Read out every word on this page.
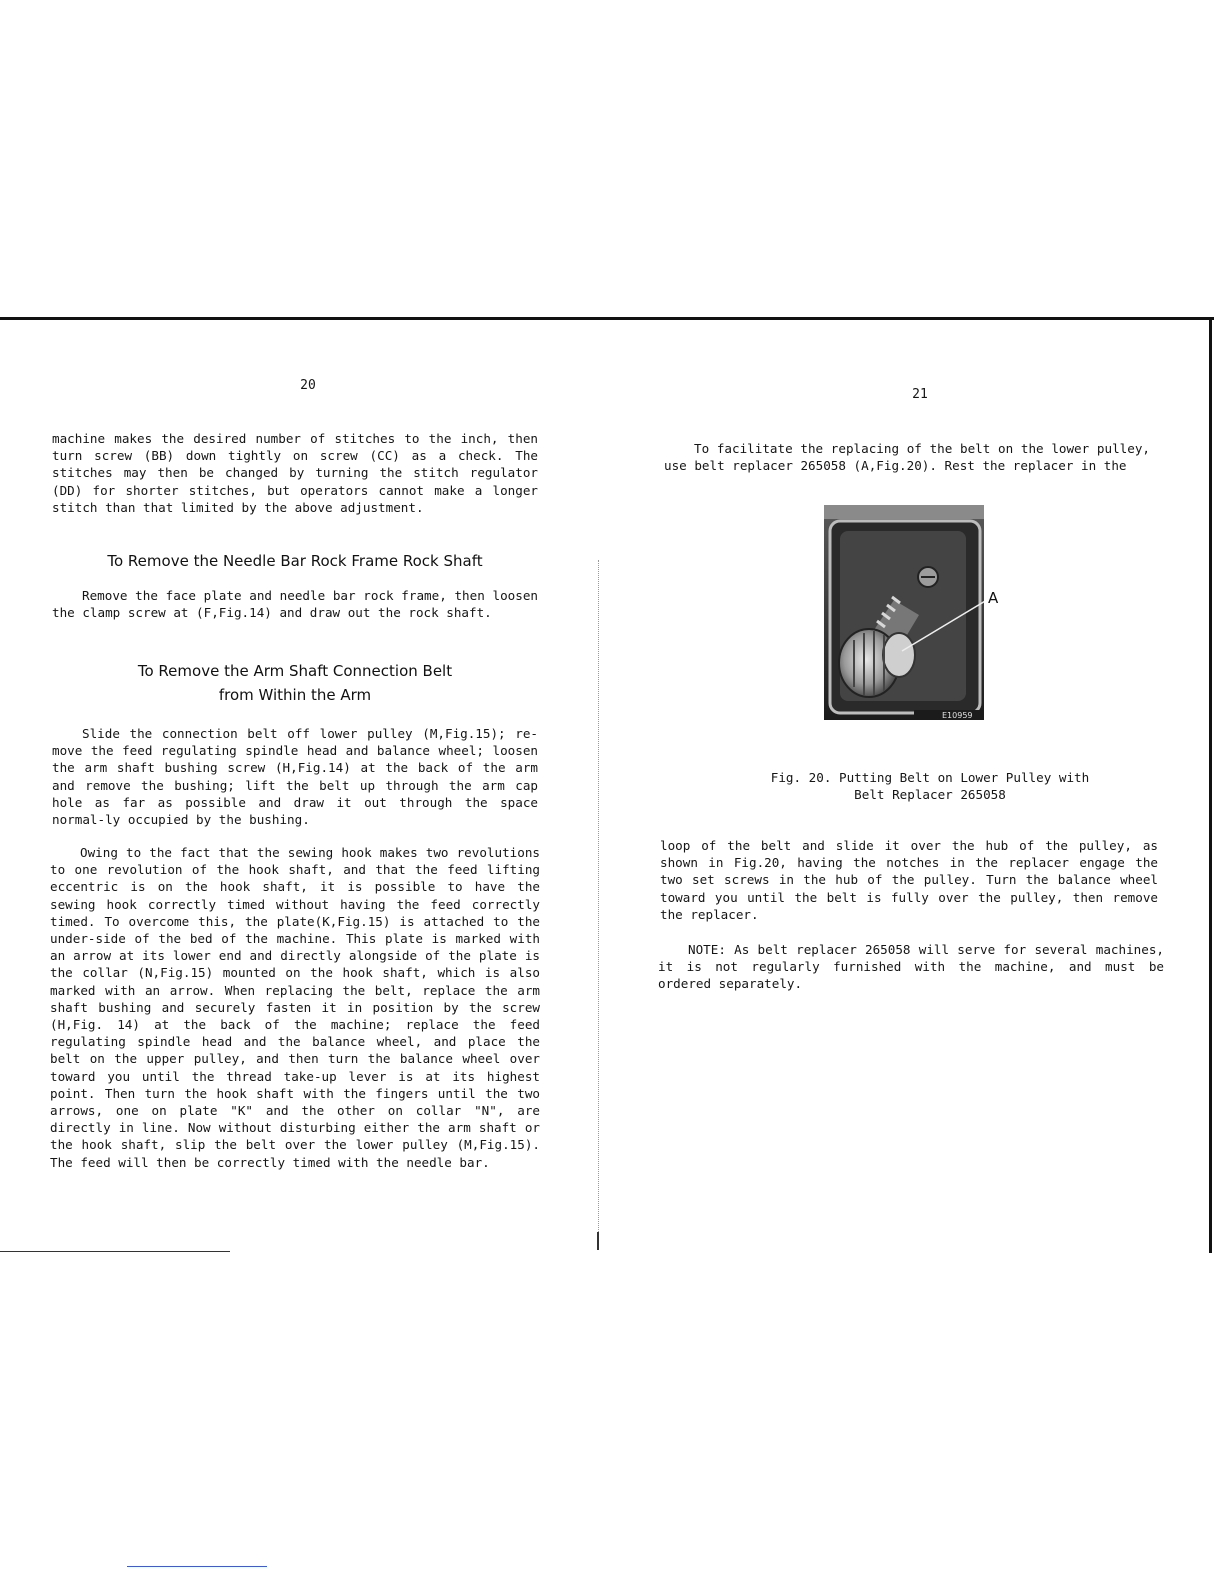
20
machine makes the desired number of stitches to the inch, then turn screw (BB) down tightly on screw (CC) as a check. The stitches may then be changed by turning the stitch regulator (DD) for shorter stitches, but operators cannot make a longer stitch than that limited by the above adjustment.
To Remove the Needle Bar Rock Frame Rock Shaft
Remove the face plate and needle bar rock frame, then loosen the clamp screw at (F,Fig.14) and draw out the rock shaft.
To Remove the Arm Shaft Connection Belt
from Within the Arm
Slide the connection belt off lower pulley (M,Fig.15); re-move the feed regulating spindle head and balance wheel; loosen the arm shaft bushing screw (H,Fig.14) at the back of the arm and remove the bushing; lift the belt up through the arm cap hole as far as possible and draw it out through the space normal-ly occupied by the bushing.
Owing to the fact that the sewing hook makes two revolutions to one revolution of the hook shaft, and that the feed lifting eccentric is on the hook shaft, it is possible to have the sewing hook correctly timed without having the feed correctly timed. To overcome this, the plate(K,Fig.15) is attached to the under-side of the bed of the machine. This plate is marked with an arrow at its lower end and directly alongside of the plate is the collar (N,Fig.15) mounted on the hook shaft, which is also marked with an arrow. When replacing the belt, replace the arm shaft bushing and securely fasten it in position by the screw (H,Fig. 14) at the back of the machine; replace the feed regulating spindle head and the balance wheel, and place the belt on the upper pulley, and then turn the balance wheel over toward you until the thread take-up lever is at its highest point. Then turn the hook shaft with the fingers until the two arrows, one on plate "K" and the other on collar "N", are directly in line. Now without disturbing either the arm shaft or the hook shaft, slip the belt over the lower pulley (M,Fig.15). The feed will then be correctly timed with the needle bar.
21
To facilitate the replacing of the belt on the lower pulley, use belt replacer 265058 (A,Fig.20). Rest the replacer in the
E10959
A
Fig. 20. Putting Belt on Lower Pulley with
Belt Replacer 265058
loop of the belt and slide it over the hub of the pulley, as shown in Fig.20, having the notches in the replacer engage the two set screws in the hub of the pulley. Turn the balance wheel toward you until the belt is fully over the pulley, then remove the replacer.
NOTE: As belt replacer 265058 will serve for several machines, it is not regularly furnished with the machine, and must be ordered separately.
